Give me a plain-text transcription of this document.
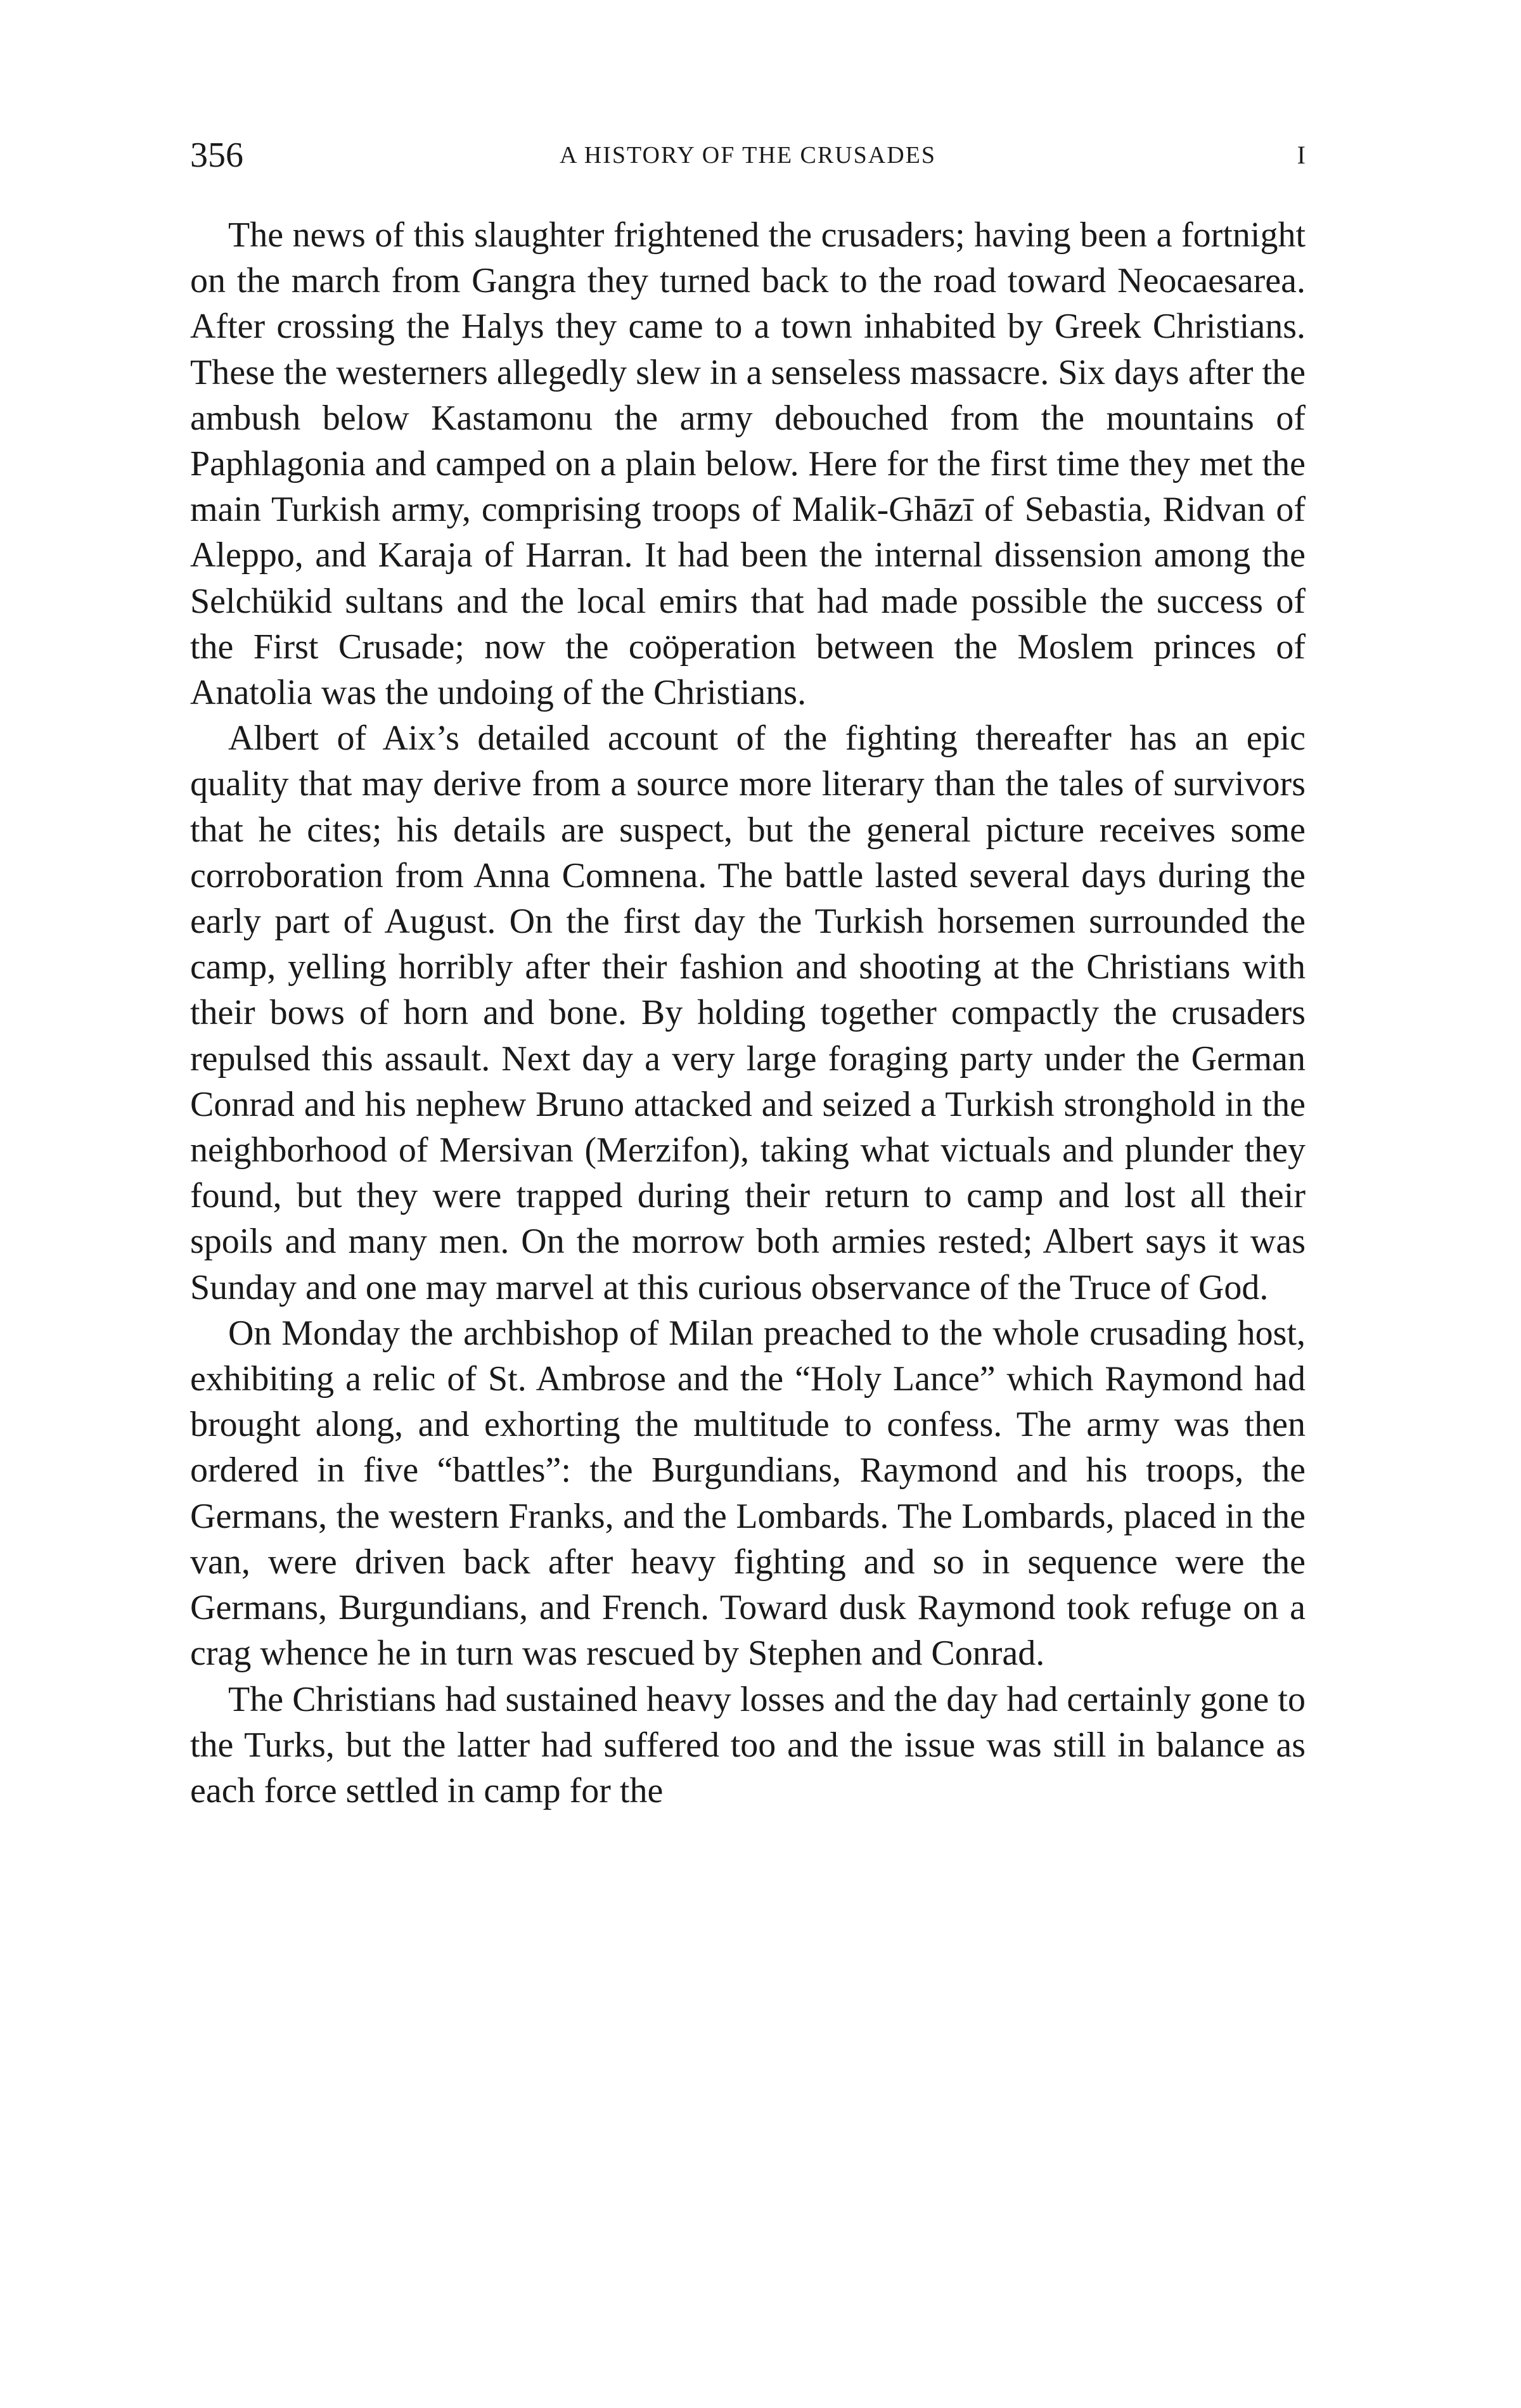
356	A HISTORY OF THE CRUSADES	I

The news of this slaughter frightened the crusaders; having been a fortnight on the march from Gangra they turned back to the road toward Neocaesarea. After crossing the Halys they came to a town inhabited by Greek Christians. These the westerners allegedly slew in a senseless massacre. Six days after the ambush below Kastamonu the army debouched from the mountains of Paphlagonia and camped on a plain below. Here for the first time they met the main Turkish army, comprising troops of Malik-Ghāzī of Sebastia, Ridvan of Aleppo, and Karaja of Harran. It had been the internal dissension among the Selchükid sultans and the local emirs that had made possible the success of the First Crusade; now the coöperation between the Moslem princes of Anatolia was the undoing of the Christians.

Albert of Aix’s detailed account of the fighting thereafter has an epic quality that may derive from a source more literary than the tales of survivors that he cites; his details are suspect, but the general picture receives some corroboration from Anna Comnena. The battle lasted several days during the early part of August. On the first day the Turkish horsemen surrounded the camp, yelling horribly after their fashion and shooting at the Christians with their bows of horn and bone. By holding together compactly the crusaders repulsed this assault. Next day a very large foraging party under the German Conrad and his nephew Bruno attacked and seized a Turkish stronghold in the neighborhood of Mersivan (Merzifon), taking what victuals and plunder they found, but they were trapped during their return to camp and lost all their spoils and many men. On the morrow both armies rested; Albert says it was Sunday and one may marvel at this curious observance of the Truce of God.

On Monday the archbishop of Milan preached to the whole crusading host, exhibiting a relic of St. Ambrose and the “Holy Lance” which Raymond had brought along, and exhorting the multitude to confess. The army was then ordered in five “battles”: the Burgundians, Raymond and his troops, the Germans, the western Franks, and the Lombards. The Lombards, placed in the van, were driven back after heavy fighting and so in sequence were the Germans, Burgundians, and French. Toward dusk Raymond took refuge on a crag whence he in turn was rescued by Stephen and Conrad.

The Christians had sustained heavy losses and the day had certainly gone to the Turks, but the latter had suffered too and the issue was still in balance as each force settled in camp for the
